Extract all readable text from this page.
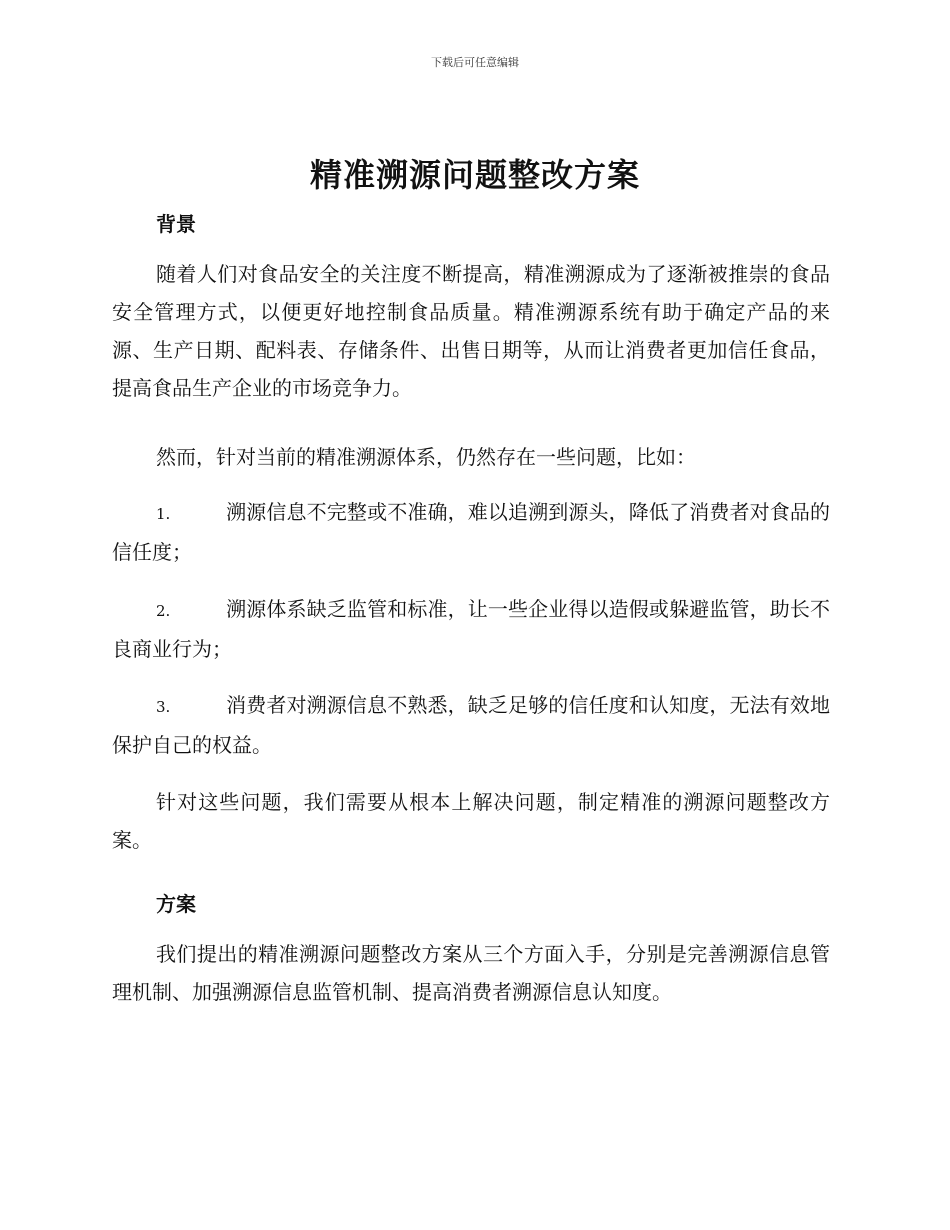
下载后可任意编辑
精准溯源问题整改方案
背景
随着人们对食品安全的关注度不断提高，精准溯源成为了逐渐被推崇的食品安全管理方式，以便更好地控制食品质量。精准溯源系统有助于确定产品的来源、生产日期、配料表、存储条件、出售日期等，从而让消费者更加信任食品，提高食品生产企业的市场竞争力。
然而，针对当前的精准溯源体系，仍然存在一些问题，比如：
1.	溯源信息不完整或不准确，难以追溯到源头，降低了消费者对食品的信任度；
2.	溯源体系缺乏监管和标准，让一些企业得以造假或躲避监管，助长不良商业行为；
3.	消费者对溯源信息不熟悉，缺乏足够的信任度和认知度，无法有效地保护自己的权益。
针对这些问题，我们需要从根本上解决问题，制定精准的溯源问题整改方案。
方案
我们提出的精准溯源问题整改方案从三个方面入手，分别是完善溯源信息管理机制、加强溯源信息监管机制、提高消费者溯源信息认知度。
